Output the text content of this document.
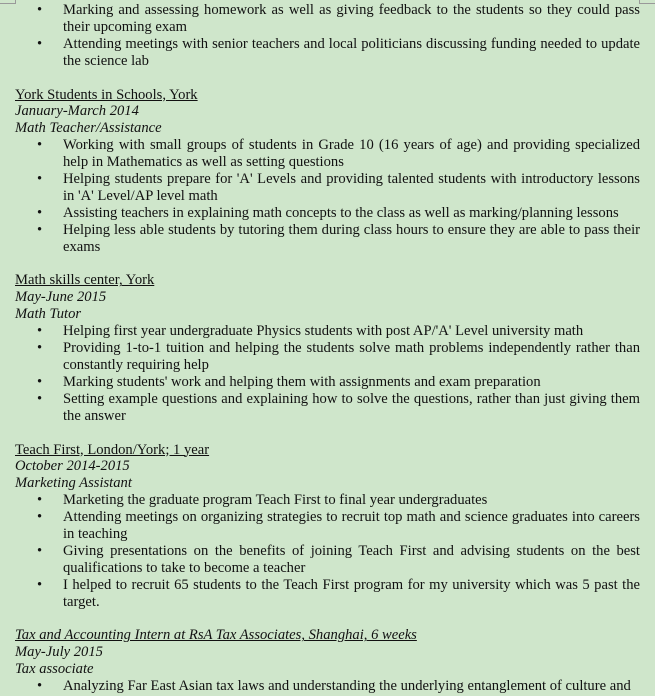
• Marking and assessing homework as well as giving feedback to the students so they could pass their upcoming exam
• Attending meetings with senior teachers and local politicians discussing funding needed to update the science lab
York Students in Schools, York
January-March 2014
Math Teacher/Assistance
• Working with small groups of students in Grade 10 (16 years of age) and providing specialized help in Mathematics as well as setting questions
• Helping students prepare for 'A' Levels and providing talented students with introductory lessons in 'A' Level/AP level math
• Assisting teachers in explaining math concepts to the class as well as marking/planning lessons
• Helping less able students by tutoring them during class hours to ensure they are able to pass their exams
Math skills center, York
May-June 2015
Math Tutor
• Helping first year undergraduate Physics students with post AP/'A' Level university math
• Providing 1-to-1 tuition and helping the students solve math problems independently rather than constantly requiring help
• Marking students' work and helping them with assignments and exam preparation
• Setting example questions and explaining how to solve the questions, rather than just giving them the answer
Teach First, London/York; 1 year
October 2014-2015
Marketing Assistant
• Marketing the graduate program Teach First to final year undergraduates
• Attending meetings on organizing strategies to recruit top math and science graduates into careers in teaching
• Giving presentations on the benefits of joining Teach First and advising students on the best qualifications to take to become a teacher
• I helped to recruit 65 students to the Teach First program for my university which was 5 past the target.
Tax and Accounting Intern at RsA Tax Associates, Shanghai, 6 weeks
May-July 2015
Tax associate
• Analyzing Far East Asian tax laws and understanding the underlying entanglement of culture and
